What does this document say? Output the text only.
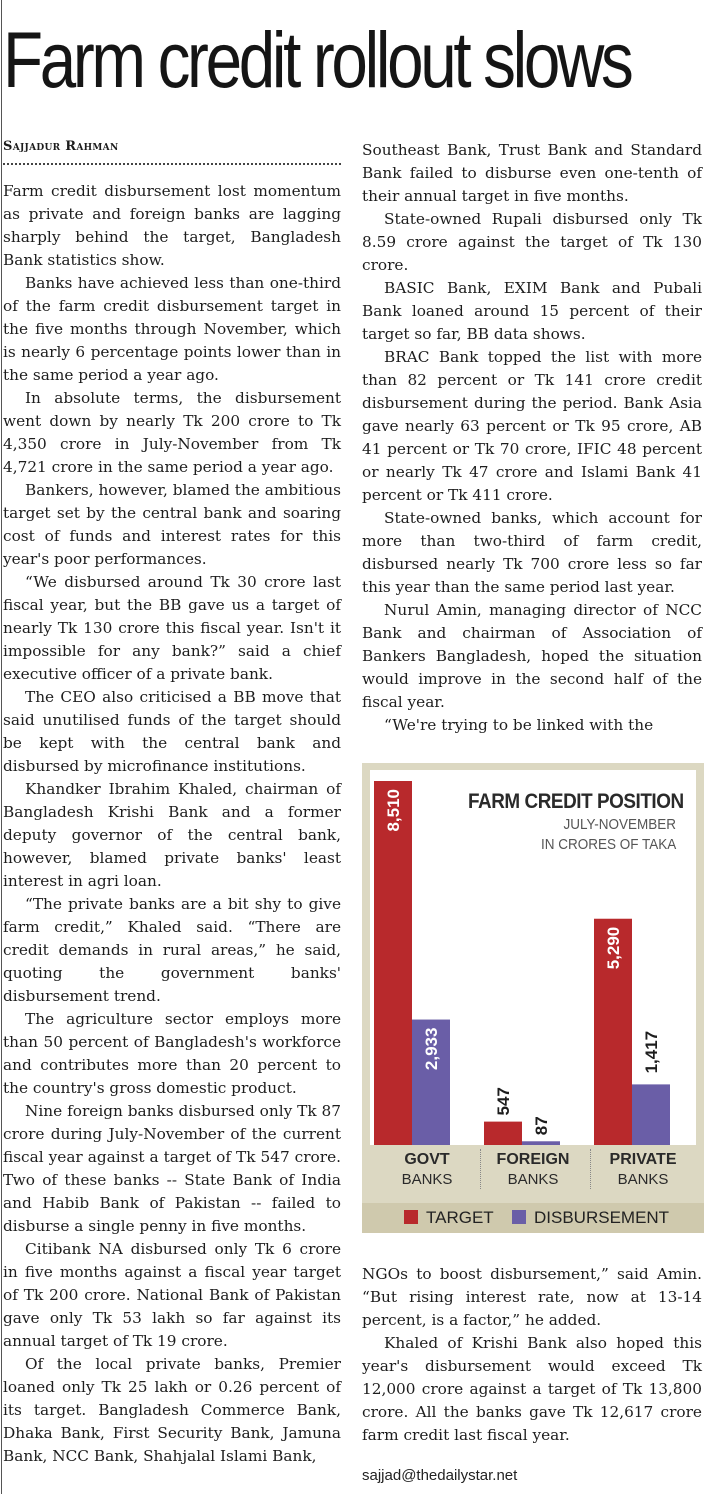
Farm credit rollout slows
Sajjadur Rahman

Farm credit disbursement lost momentum as private and foreign banks are lagging sharply behind the target, Bangladesh Bank statistics show.

Banks have achieved less than one-third of the farm credit disbursement target in the five months through November, which is nearly 6 percentage points lower than in the same period a year ago.

In absolute terms, the disbursement went down by nearly Tk 200 crore to Tk 4,350 crore in July-November from Tk 4,721 crore in the same period a year ago.

Bankers, however, blamed the ambitious target set by the central bank and soaring cost of funds and interest rates for this year's poor performances.

“We disbursed around Tk 30 crore last fiscal year, but the BB gave us a target of nearly Tk 130 crore this fiscal year. Isn't it impossible for any bank?” said a chief executive officer of a private bank.

The CEO also criticised a BB move that said unutilised funds of the target should be kept with the central bank and disbursed by microfinance institutions.

Khandker Ibrahim Khaled, chairman of Bangladesh Krishi Bank and a former deputy governor of the central bank, however, blamed private banks' least interest in agri loan.

“The private banks are a bit shy to give farm credit,” Khaled said. “There are credit demands in rural areas,” he said, quoting the government banks' disbursement trend.

The agriculture sector employs more than 50 percent of Bangladesh's workforce and contributes more than 20 percent to the country's gross domestic product.

Nine foreign banks disbursed only Tk 87 crore during July-November of the current fiscal year against a target of Tk 547 crore. Two of these banks -- State Bank of India and Habib Bank of Pakistan -- failed to disburse a single penny in five months.

Citibank NA disbursed only Tk 6 crore in five months against a fiscal year target of Tk 200 crore. National Bank of Pakistan gave only Tk 53 lakh so far against its annual target of Tk 19 crore.

Of the local private banks, Premier loaned only Tk 25 lakh or 0.26 percent of its target. Bangladesh Commerce Bank, Dhaka Bank, First Security Bank, Jamuna Bank, NCC Bank, Shahjalal Islami Bank,

Southeast Bank, Trust Bank and Standard Bank failed to disburse even one-tenth of their annual target in five months.

State-owned Rupali disbursed only Tk 8.59 crore against the target of Tk 130 crore.

BASIC Bank, EXIM Bank and Pubali Bank loaned around 15 percent of their target so far, BB data shows.

BRAC Bank topped the list with more than 82 percent or Tk 141 crore credit disbursement during the period. Bank Asia gave nearly 63 percent or Tk 95 crore, AB 41 percent or Tk 70 crore, IFIC 48 percent or nearly Tk 47 crore and Islami Bank 41 percent or Tk 411 crore.

State-owned banks, which account for more than two-third of farm credit, disbursed nearly Tk 700 crore less so far this year than the same period last year.

Nurul Amin, managing director of NCC Bank and chairman of Association of Bankers Bangladesh, hoped the situation would improve in the second half of the fiscal year.

“We're trying to be linked with the

FARM CREDIT POSITION
JULY-NOVEMBER
IN CRORES OF TAKA
8,510
547
5,290
2,933
87
1,417
GOVT
BANKS
FOREIGN
BANKS
PRIVATE
BANKS
TARGET	DISBURSEMENT

NGOs to boost disbursement,” said Amin. “But rising interest rate, now at 13-14 percent, is a factor,” he added.

Khaled of Krishi Bank also hoped this year's disbursement would exceed Tk 12,000 crore against a target of Tk 13,800 crore. All the banks gave Tk 12,617 crore farm credit last fiscal year.

sajjad@thedailystar.net
